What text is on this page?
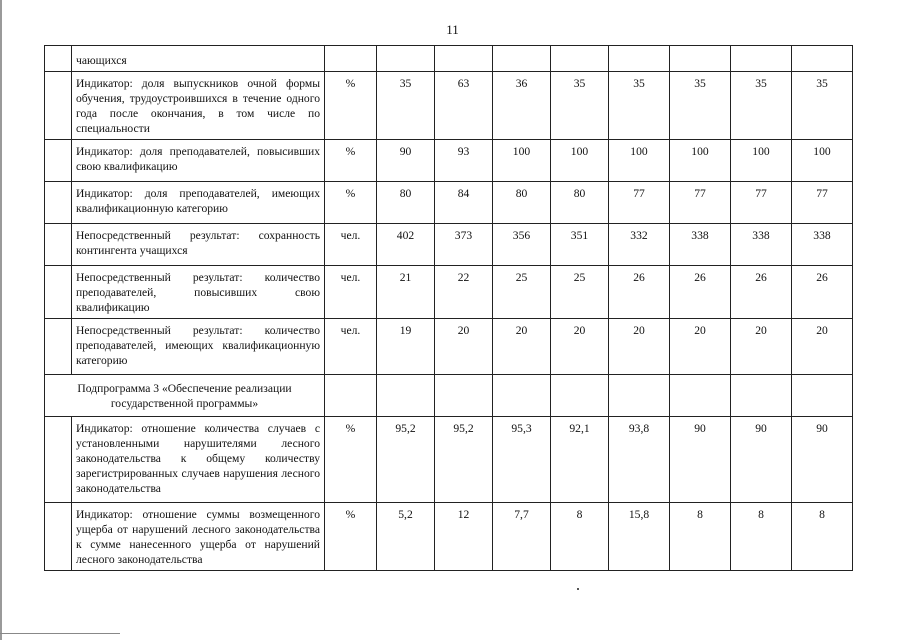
11
	чающихся									
	Индикатор: доля выпускников очной формы обучения, трудоустроившихся в течение одного года после окончания, в том числе по специальности	%	35	63	36	35	35	35	35	35
	Индикатор: доля преподавателей, повысивших свою квалификацию	%	90	93	100	100	100	100	100	100
	Индикатор: доля преподавателей, имеющих квалификационную категорию	%	80	84	80	80	77	77	77	77
	Непосредственный результат: сохранность контингента учащихся	чел.	402	373	356	351	332	338	338	338
	Непосредственный результат: количество преподавателей, повысивших свою квалификацию	чел.	21	22	25	25	26	26	26	26
	Непосредственный результат: количество преподавателей, имеющих квалификационную категорию	чел.	19	20	20	20	20	20	20	20
Подпрограмма 3 «Обеспечение реализации государственной программы»										
	Индикатор: отношение количества случаев с установленными нарушителями лесного законодательства к общему количеству зарегистрированных случаев нарушения лесного законодательства	%	95,2	95,2	95,3	92,1	93,8	90	90	90
	Индикатор: отношение суммы возмещенного ущерба от нарушений лесного законодательства к сумме нанесенного ущерба от нарушений лесного законодательства	%	5,2	12	7,7	8	15,8	8	8	8
